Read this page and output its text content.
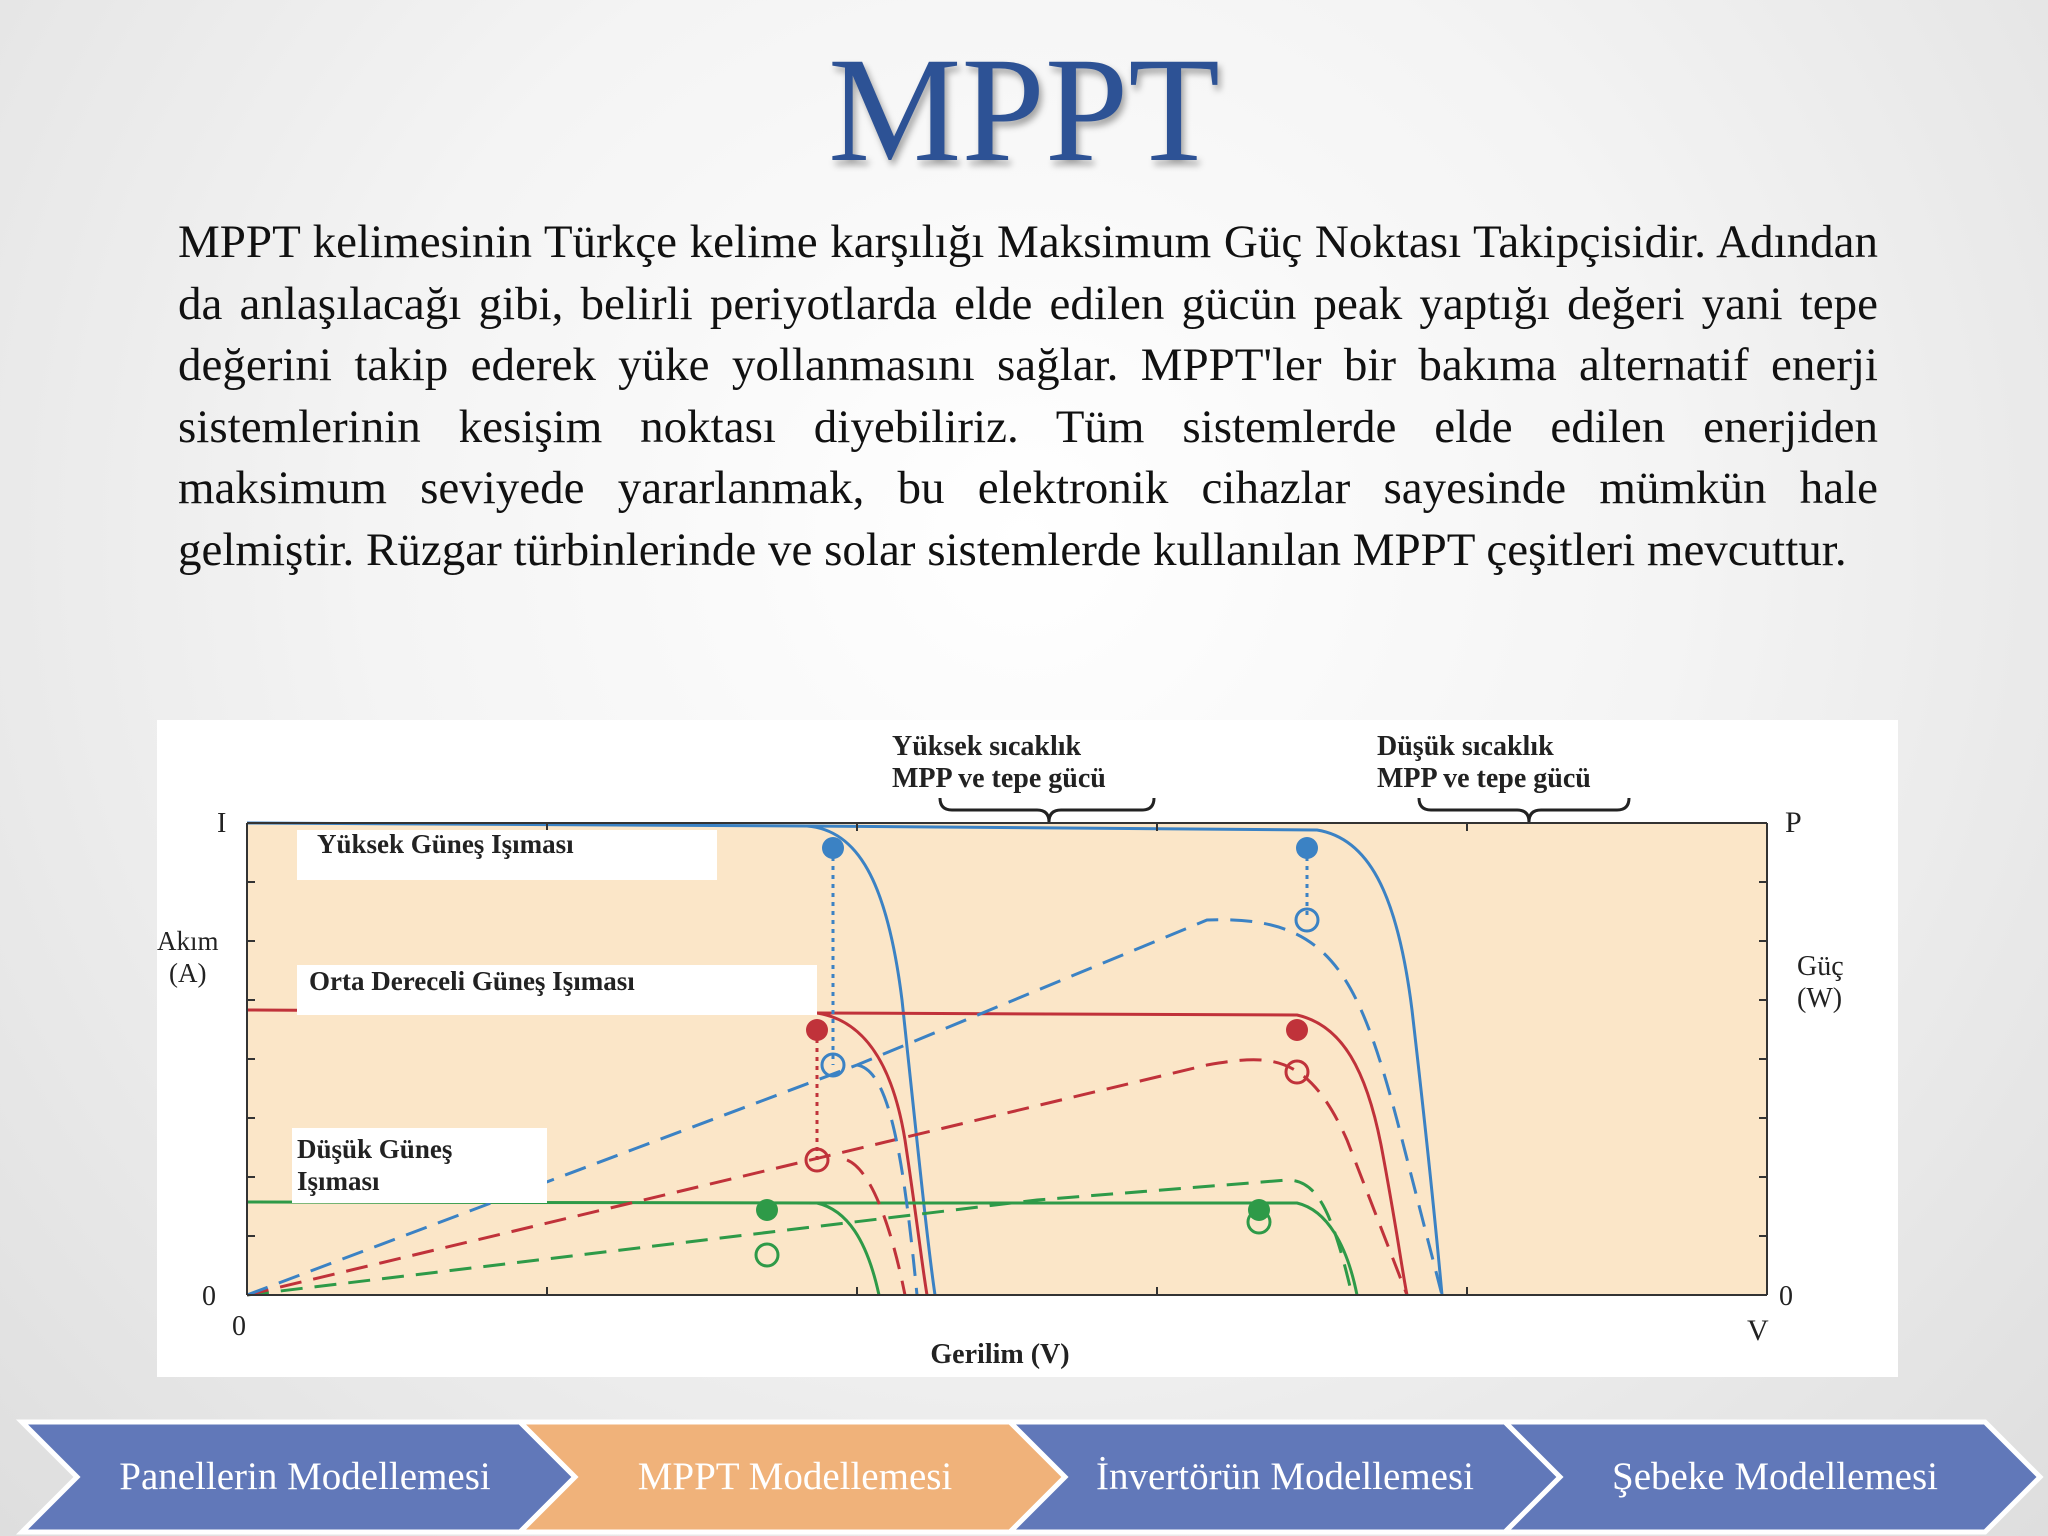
MPPT
MPPT kelimesinin Türkçe kelime karşılığı Maksimum Güç Noktası Takipçisidir. Adından da anlaşılacağı gibi, belirli periyotlarda elde edilen gücün peak yaptığı değeri yani tepe değerini takip ederek yüke yollanmasını sağlar. MPPT'ler bir bakıma alternatif enerji sistemlerinin kesişim noktası diyebiliriz. Tüm sistemlerde elde edilen enerjiden maksimum seviyede yararlanmak, bu elektronik cihazlar sayesinde mümkün hale gelmiştir. Rüzgar türbinlerinde ve solar sistemlerde kullanılan MPPT çeşitleri mevcuttur.
Yüksek Güneş Işıması
Orta Dereceli Güneş Işıması
Düşük Güneş
Işıması
Yüksek sıcaklık
MPP ve tepe gücü
Düşük sıcaklık
MPP ve tepe gücü
I	P
Akım
(A)	Güç
(W)
0	0
0	V
Gerilim (V)
Panellerin Modellemesi	MPPT Modellemesi	İnvertörün Modellemesi	Şebeke Modellemesi
